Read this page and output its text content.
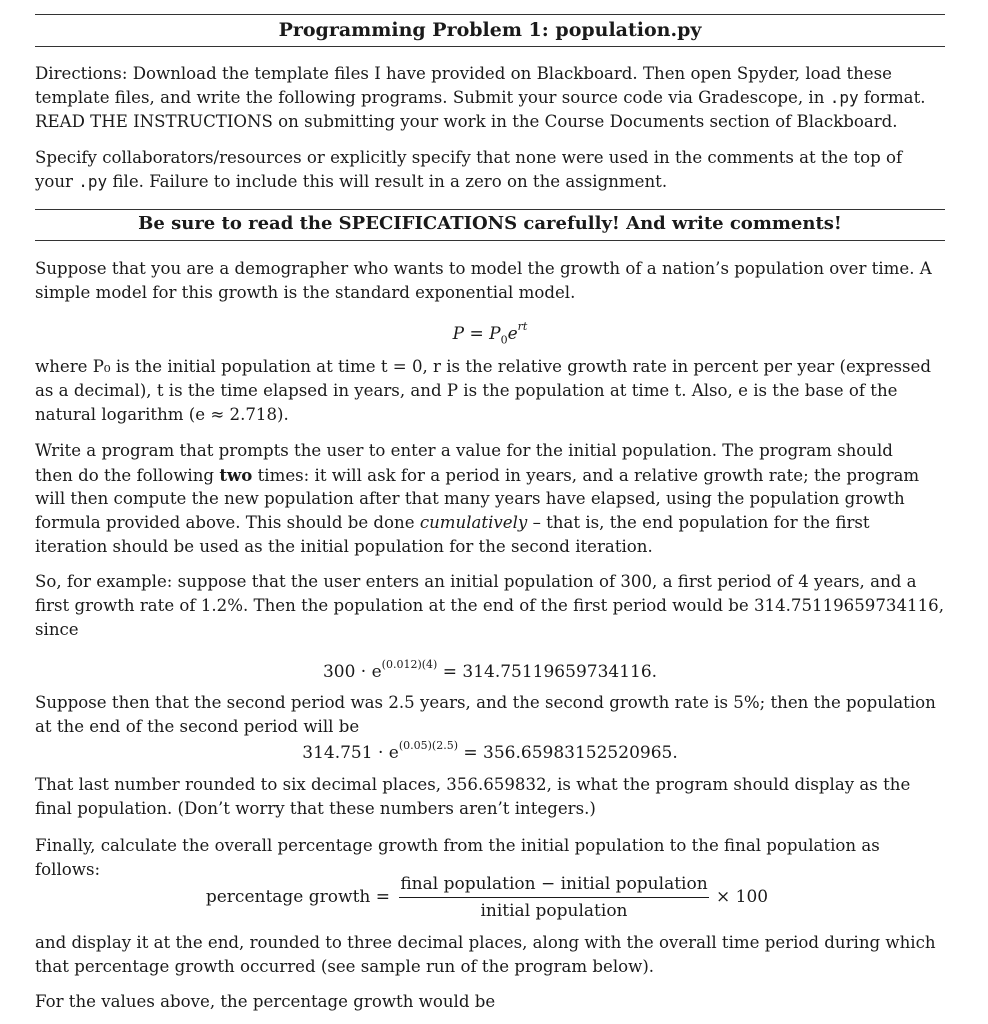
Programming Problem 1: population.py

Directions: Download the template files I have provided on Blackboard. Then open Spyder, load these

template files, and write the following programs. Submit your source code via Gradescope, in .py format.

READ THE INSTRUCTIONS on submitting your work in the Course Documents section of Blackboard.

Specify collaborators/resources or explicitly specify that none were used in the comments at the top of

your .py file. Failure to include this will result in a zero on the assignment.

Be sure to read the SPECIFICATIONS carefully! And write comments!

Suppose that you are a demographer who wants to model the growth of a nation’s population over time. A

simple model for this growth is the standard exponential model.

$P = P_0e^{rt}$

where P₀ is the initial population at time t = 0, r is the relative growth rate in percent per year (expressed

as a decimal), t is the time elapsed in years, and P is the population at time t. Also, e is the base of the

natural logarithm (e ≈ 2.718).

Write a program that prompts the user to enter a value for the initial population. The program should

then do the following two times: it will ask for a period in years, and a relative growth rate; the program

will then compute the new population after that many years have elapsed, using the population growth

formula provided above. This should be done cumulatively – that is, the end population for the first

iteration should be used as the initial population for the second iteration.

So, for example: suppose that the user enters an initial population of 300, a first period of 4 years, and a

first growth rate of 1.2%. Then the population at the end of the first period would be 314.75119659734116,

since

$300 \cdot e^{(0.012)(4)} = 314.75119659734116$.

Suppose then that the second period was 2.5 years, and the second growth rate is 5%; then the population

at the end of the second period will be

$314.751 \cdot e^{(0.05)(2.5)} = 356.65983152520965$.

That last number rounded to six decimal places, 356.659832, is what the program should display as the

final population. (Don’t worry that these numbers aren’t integers.)

Finally, calculate the overall percentage growth from the initial population to the final population as

follows:

percentage growth =
final population − initial population
initial population
× 100

and display it at the end, rounded to three decimal places, along with the overall time period during which

that percentage growth occurred (see sample run of the program below).

For the values above, the percentage growth would be
